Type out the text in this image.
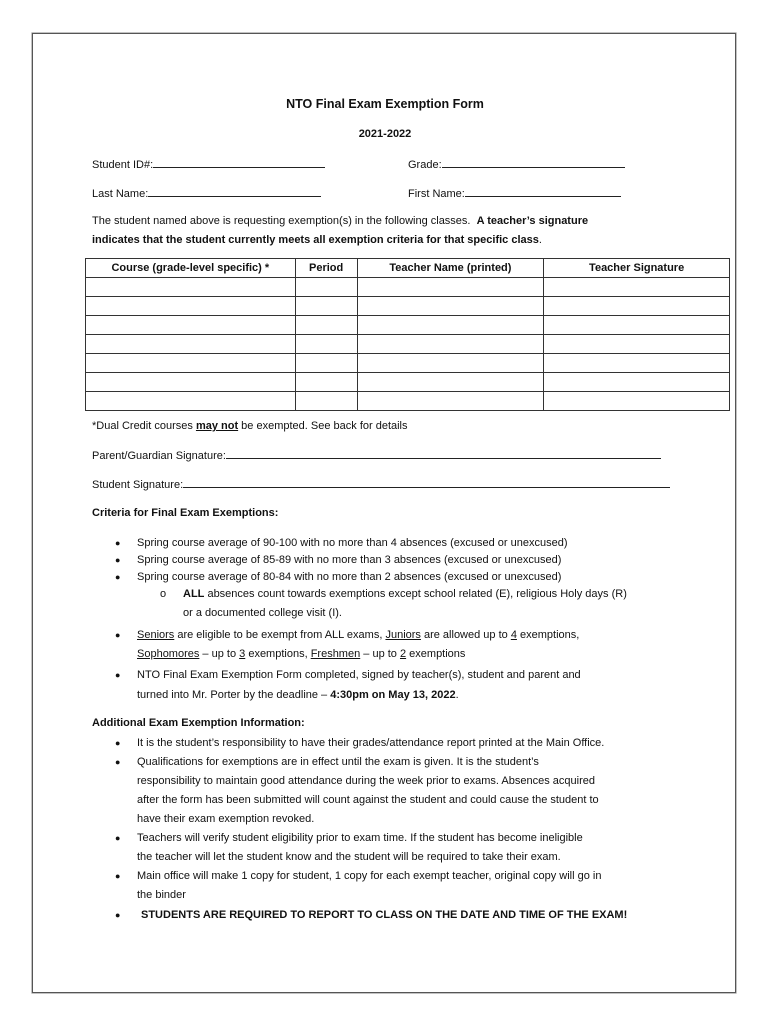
NTO Final Exam Exemption Form
2021-2022
Student ID#:	Grade:
Last Name:	First Name:
The student named above is requesting exemption(s) in the following classes. A teacher’s signature
indicates that the student currently meets all exemption criteria for that specific class.
Course (grade-level specific) *	Period	Teacher Name (printed)	Teacher Signature

*Dual Credit courses may not be exempted. See back for details
Parent/Guardian Signature:
Student Signature:
Criteria for Final Exam Exemptions:
● Spring course average of 90-100 with no more than 4 absences (excused or unexcused)
● Spring course average of 85-89 with no more than 3 absences (excused or unexcused)
● Spring course average of 80-84 with no more than 2 absences (excused or unexcused)
o ALL absences count towards exemptions except school related (E), religious Holy days (R)
or a documented college visit (I).
● Seniors are eligible to be exempt from ALL exams, Juniors are allowed up to 4 exemptions,
Sophomores – up to 3 exemptions, Freshmen – up to 2 exemptions
● NTO Final Exam Exemption Form completed, signed by teacher(s), student and parent and
turned into Mr. Porter by the deadline – 4:30pm on May 13, 2022.
Additional Exam Exemption Information:
● It is the student’s responsibility to have their grades/attendance report printed at the Main Office.
● Qualifications for exemptions are in effect until the exam is given. It is the student’s
responsibility to maintain good attendance during the week prior to exams. Absences acquired
after the form has been submitted will count against the student and could cause the student to
have their exam exemption revoked.
● Teachers will verify student eligibility prior to exam time. If the student has become ineligible
the teacher will let the student know and the student will be required to take their exam.
● Main office will make 1 copy for student, 1 copy for each exempt teacher, original copy will go in
the binder
● STUDENTS ARE REQUIRED TO REPORT TO CLASS ON THE DATE AND TIME OF THE EXAM!
